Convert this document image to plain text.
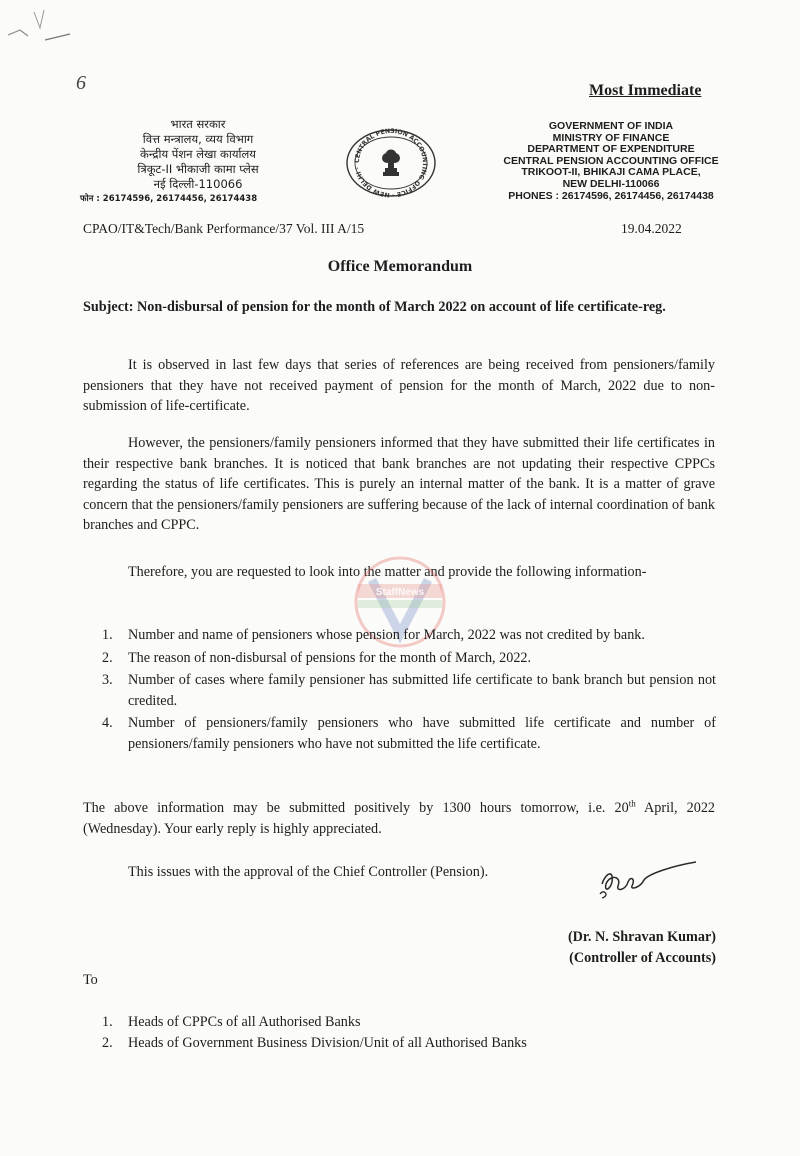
6	Most Immediate
भारत सरकार
वित्त मन्त्रालय, व्यय विभाग
केन्द्रीय पेंशन लेखा कार्यालय
त्रिकूट-II भीकाजी कामा प्लेस
नई दिल्ली-110066
फोन : 26174596, 26174456, 26174438
CENTRAL PENSION ACCOUNTING OFFICE · NEW DELHI ·
GOVERNMENT OF INDIA
MINISTRY OF FINANCE
DEPARTMENT OF EXPENDITURE
CENTRAL PENSION ACCOUNTING OFFICE
TRIKOOT-II, BHIKAJI CAMA PLACE,
NEW DELHI-110066
PHONES : 26174596, 26174456, 26174438
CPAO/IT&Tech/Bank Performance/37 Vol. III A/15	19.04.2022
Office Memorandum
Subject: Non-disbursal of pension for the month of March 2022 on account of life certificate-reg.
It is observed in last few days that series of references are being received from pensioners/family pensioners that they have not received payment of pension for the month of March, 2022 due to non-submission of life-certificate.
However, the pensioners/family pensioners informed that they have submitted their life certificates in their respective bank branches. It is noticed that bank branches are not updating their respective CPPCs regarding the status of life certificates. This is purely an internal matter of the bank. It is a matter of grave concern that the pensioners/family pensioners are suffering because of the lack of internal coordination of bank branches and CPPC.
Therefore, you are requested to look into the matter and provide the following information-
StaffNews
1. Number and name of pensioners whose pension for March, 2022 was not credited by bank.
2. The reason of non-disbursal of pensions for the month of March, 2022.
3. Number of cases where family pensioner has submitted life certificate to bank branch but pension not credited.
4. Number of pensioners/family pensioners who have submitted life certificate and number of pensioners/family pensioners who have not submitted the life certificate.
The above information may be submitted positively by 1300 hours tomorrow, i.e. 20th April, 2022 (Wednesday). Your early reply is highly appreciated.
This issues with the approval of the Chief Controller (Pension).
(Dr. N. Shravan Kumar)
(Controller of Accounts)
To
1. Heads of CPPCs of all Authorised Banks
2. Heads of Government Business Division/Unit of all Authorised Banks
